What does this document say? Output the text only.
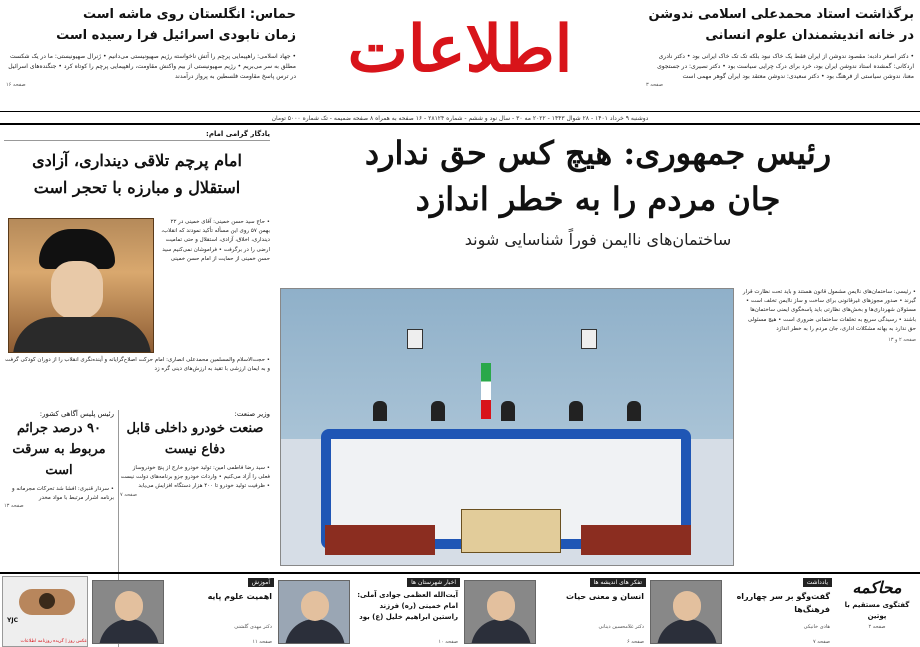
برگذاشت استاد محمدعلی اسلامی ندوشن
در خانه اندیشمندان علوم انسانی
• دکتر اصغر دادبه: مقصود ندوشن از ایران فقط یک خاک نبود بلکه تک تک خاک ایرانی بود • دکتر نادری اردکانی: گمشده استاد ندوشن ایران بود، خرد برای درک چرایی سیاست بود • دکتر نصیری: در جستجوی معنا، ندوشن سیاستی از فرهنگ بود • دکتر سعیدی: ندوشن معتقد بود ایران گوهر مهمی است
صفحه ۳
اطلاعات
حماس: انگلستان روی ماشه است
زمان نابودی اسرائیل فرا رسیده است
• جهاد اسلامی: راهپیمایی پرچم را آتش ناخواسته رژیم صهیونیستی می‌دانیم • ژنرال صهیونیستی: ما در یک شکست مطلق به سر می‌بریم • رژیم صهیونیستی از بیم واکنش مقاومت، راهپیمایی پرچم را کوتاه کرد • جنگنده‌های اسرائیل در ترس پاسخ مقاومت فلسطین به پرواز درآمدند
صفحه ۱۶
دوشنبه ۹ خرداد ۱۴۰۱ - ۲۸ شوال ۱۴۴۳ - ۲۰۲۲ مه ۳۰ - سال نود و ششم - شماره ۲۸۱۲۴ - ۱۶ صفحه به همراه ۸ صفحه ضمیمه - تک شماره ۵۰۰۰ تومان
یادگار گرامی امام:
امام پرچم تلاقی دینداری، آزادی استقلال و مبارزه با تحجر است
• حاج سید حسن خمینی: آقای خمینی در ۲۲ بهمن ۵۷ روی این مسأله تأکید نمودند که انقلاب، دینداری، اخلاق، آزادی، استقلال و حتی تمامیت ارضی را در برگرفت • فراموشان نمی‌کنیم سید حسن خمینی از حمایت از امام حسن خمینی
• حجت‌الاسلام والمسلمین محمدعلی انصاری: امام حرکت اصلاح‌گرایانه و آینده‌نگری انقلاب را از دوران کودکی گرفت و به ایمان ارزشی با تقید به ارزش‌های دینی گره زد
وزیر صنعت:
صنعت خودرو داخلی قابل دفاع نیست
• سید رضا فاطمی امین: تولید خودرو خارج از پنج خودروساز فعلی را آزاد می‌کنیم • واردات خودرو جزو برنامه‌های دولت نیست • ظرفیت تولید خودرو تا ۴۰۰ هزار دستگاه افزایش می‌یابد
صفحه ۷
رئیس پلیس آگاهی کشور:
۹۰ درصد جرائم مربوط به سرقت است
• سردار قنبری: افشا شد تحرکات مجرمانه و برنامه اشرار مرتبط با مواد مخدر
صفحه ۱۳
رئیس جمهوری: هیچ کس حق ندارد
جان مردم را به خطر اندازد
ساختمان‌های ناایمن فوراً شناسایی شوند
• رئیسی: ساختمان‌های ناایمن مشمول قانون هستند و باید تحت نظارت قرار گیرند • صدور مجوزهای غیرقانونی برای ساخت و ساز ناایمن تخلف است • مسئولان شهرداری‌ها و بخش‌های نظارتی باید پاسخگوی ایمنی ساختمان‌ها باشند • رسیدگی سریع به تخلفات ساختمانی ضروری است • هیچ مسئولی حق ندارد به بهانه مشکلات اداری، جان مردم را به خطر اندازد
صفحه ۲ و ۱۳
محاکمه
گفتگوی مستقیم با پوتین
صفحه ۲
یادداشت
گفت‌وگو بر سر چهارراه فرهنگ‌ها
هادی خانیکی
صفحه ۷
تفکر های اندیشه ها
انسان و معنی حیات
دکتر غلامحسین دینانی
صفحه ۶
اخبار شهرستان ها
آیت‌الله العظمی جوادی آملی: امام خمینی (ره) فرزند راستین ابراهیم خلیل (ع) بود
صفحه ۱۰
آموزش
اهمیت علوم پایه
دکتر مهدی گلشنی
صفحه ۱۱
YJC
عکس روز | گزیده روزنامه اطلاعات
